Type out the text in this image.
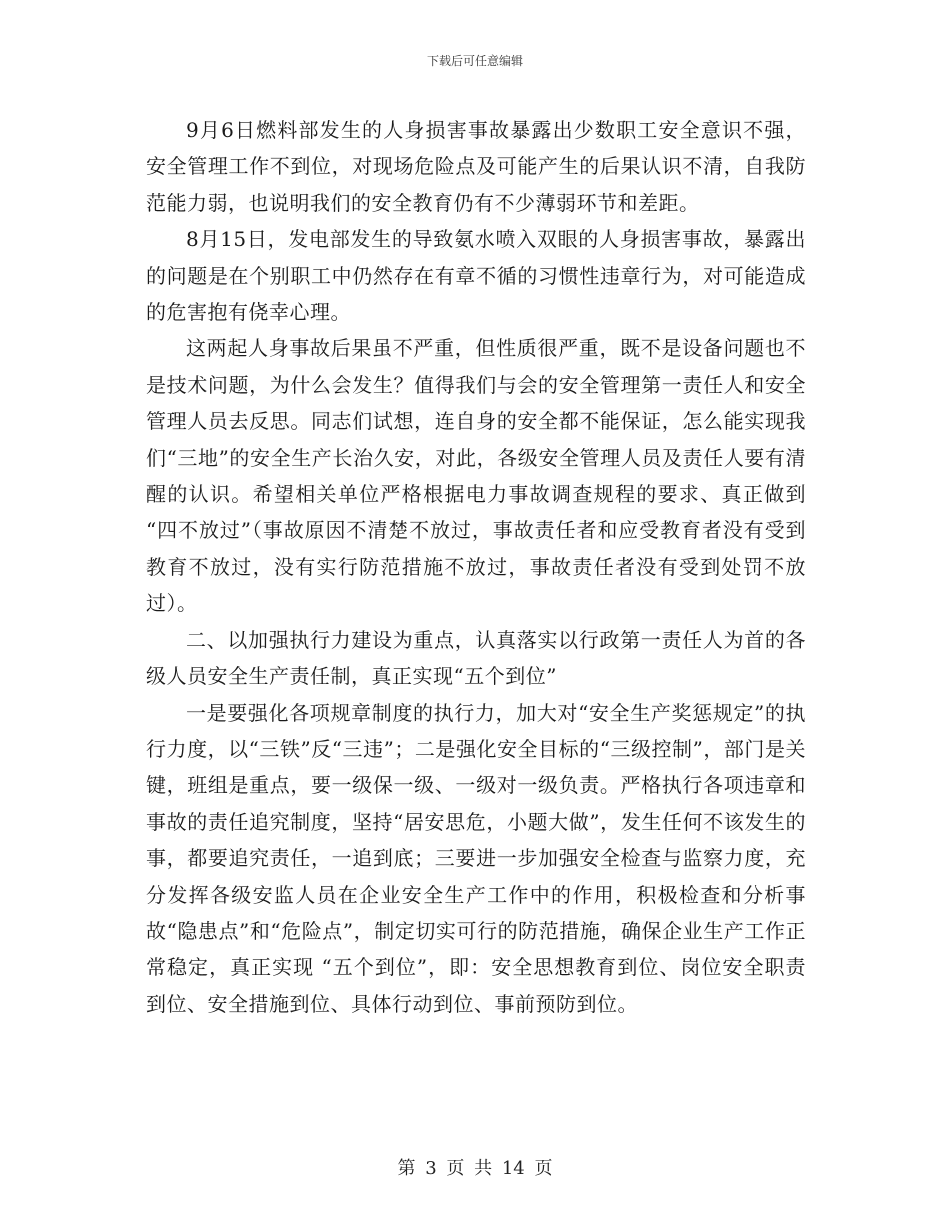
下载后可任意编辑

9月6日燃料部发生的人身损害事故暴露出少数职工安全意识不强，安全管理工作不到位，对现场危险点及可能产生的后果认识不清，自我防范能力弱，也说明我们的安全教育仍有不少薄弱环节和差距。

8月15日，发电部发生的导致氨水喷入双眼的人身损害事故，暴露出的问题是在个别职工中仍然存在有章不循的习惯性违章行为，对可能造成的危害抱有侥幸心理。

这两起人身事故后果虽不严重，但性质很严重，既不是设备问题也不是技术问题，为什么会发生？值得我们与会的安全管理第一责任人和安全管理人员去反思。同志们试想，连自身的安全都不能保证，怎么能实现我们“三地”的安全生产长治久安，对此，各级安全管理人员及责任人要有清醒的认识。希望相关单位严格根据电力事故调查规程的要求、真正做到 “四不放过”（事故原因不清楚不放过，事故责任者和应受教育者没有受到教育不放过，没有实行防范措施不放过，事故责任者没有受到处罚不放过）。

二、以加强执行力建设为重点，认真落实以行政第一责任人为首的各级人员安全生产责任制，真正实现“五个到位”

一是要强化各项规章制度的执行力，加大对“安全生产奖惩规定”的执行力度，以“三铁”反“三违”；二是强化安全目标的“三级控制”，部门是关键，班组是重点，要一级保一级、一级对一级负责。严格执行各项违章和事故的责任追究制度，坚持“居安思危，小题大做”，发生任何不该发生的事，都要追究责任，一追到底；三要进一步加强安全检查与监察力度，充分发挥各级安监人员在企业安全生产工作中的作用，积极检查和分析事故“隐患点”和“危险点”，制定切实可行的防范措施，确保企业生产工作正常稳定，真正实现 “五个到位”，即：安全思想教育到位、岗位安全职责到位、安全措施到位、具体行动到位、事前预防到位。

第 3 页 共 14 页
